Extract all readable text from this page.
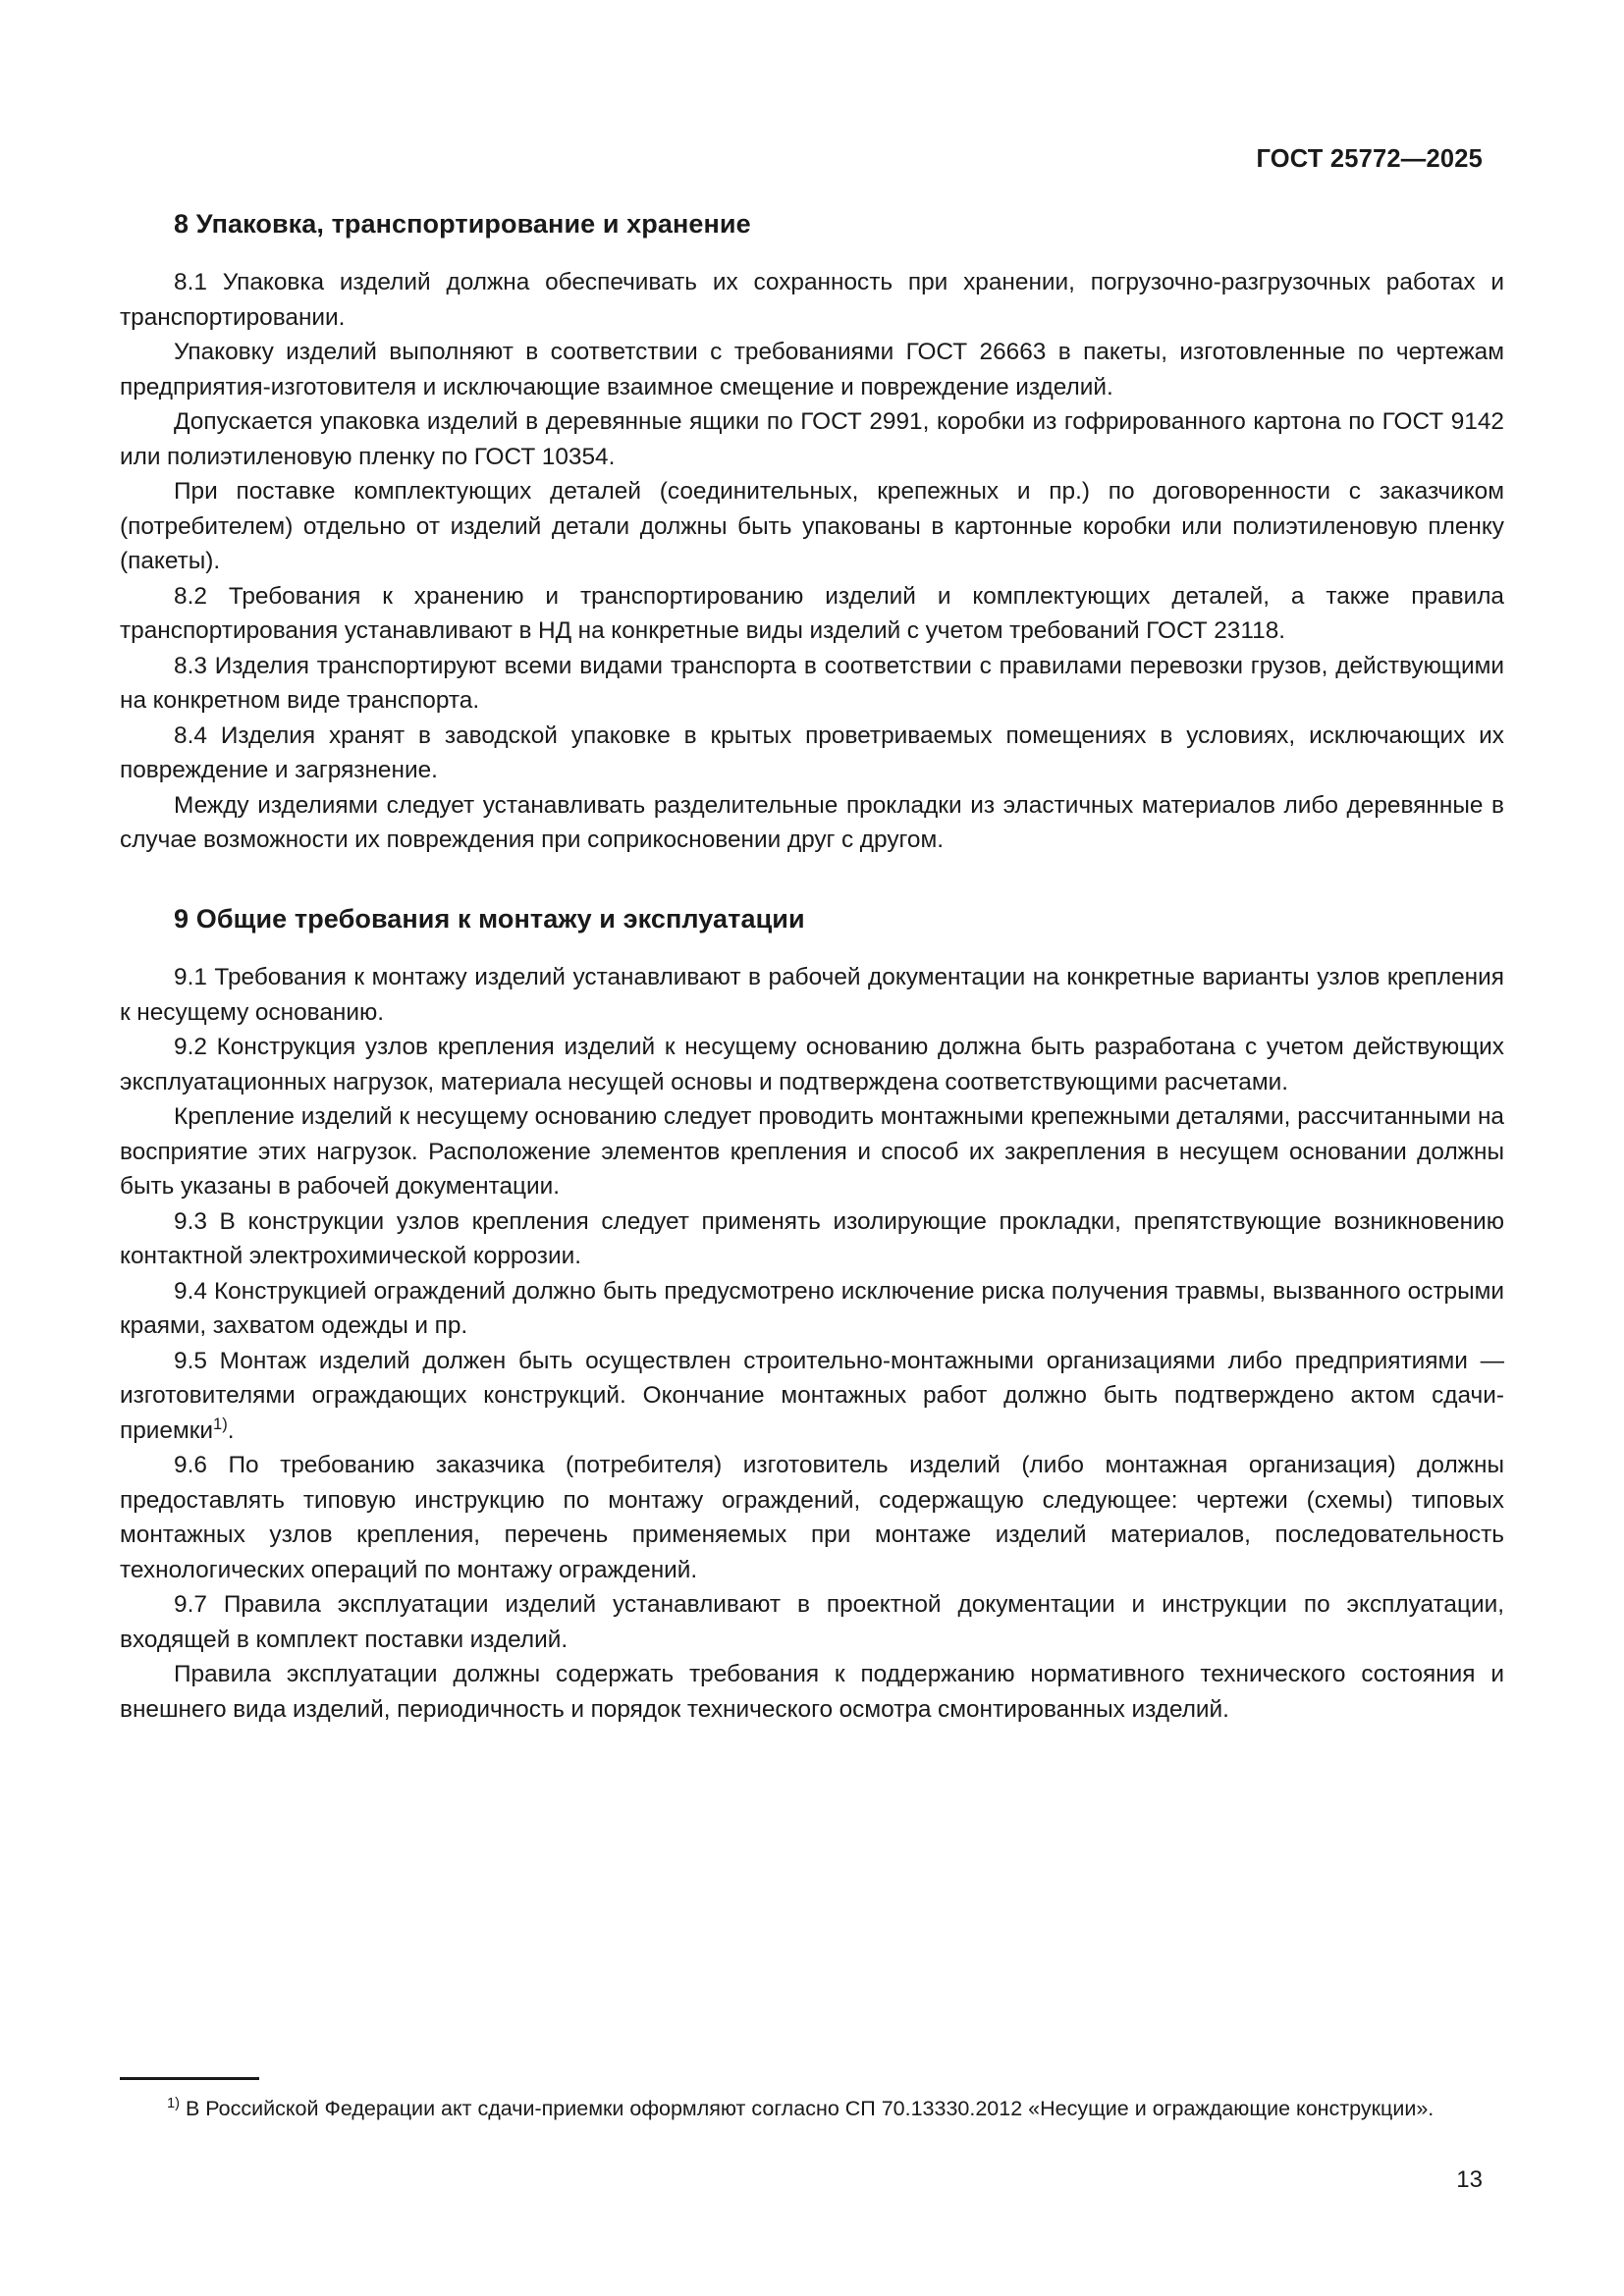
ГОСТ 25772—2025
8 Упаковка, транспортирование и хранение

8.1 Упаковка изделий должна обеспечивать их сохранность при хранении, погрузочно-разгрузочных работах и транспортировании.

Упаковку изделий выполняют в соответствии с требованиями ГОСТ 26663 в пакеты, изготовленные по чертежам предприятия-изготовителя и исключающие взаимное смещение и повреждение изделий.

Допускается упаковка изделий в деревянные ящики по ГОСТ 2991, коробки из гофрированного картона по ГОСТ 9142 или полиэтиленовую пленку по ГОСТ 10354.

При поставке комплектующих деталей (соединительных, крепежных и пр.) по договоренности с заказчиком (потребителем) отдельно от изделий детали должны быть упакованы в картонные коробки или полиэтиленовую пленку (пакеты).

8.2 Требования к хранению и транспортированию изделий и комплектующих деталей, а также правила транспортирования устанавливают в НД на конкретные виды изделий с учетом требований ГОСТ 23118.

8.3 Изделия транспортируют всеми видами транспорта в соответствии с правилами перевозки грузов, действующими на конкретном виде транспорта.

8.4 Изделия хранят в заводской упаковке в крытых проветриваемых помещениях в условиях, исключающих их повреждение и загрязнение.

Между изделиями следует устанавливать разделительные прокладки из эластичных материалов либо деревянные в случае возможности их повреждения при соприкосновении друг с другом.

9 Общие требования к монтажу и эксплуатации

9.1 Требования к монтажу изделий устанавливают в рабочей документации на конкретные варианты узлов крепления к несущему основанию.

9.2 Конструкция узлов крепления изделий к несущему основанию должна быть разработана с учетом действующих эксплуатационных нагрузок, материала несущей основы и подтверждена соответствующими расчетами.

Крепление изделий к несущему основанию следует проводить монтажными крепежными деталями, рассчитанными на восприятие этих нагрузок. Расположение элементов крепления и способ их закрепления в несущем основании должны быть указаны в рабочей документации.

9.3 В конструкции узлов крепления следует применять изолирующие прокладки, препятствующие возникновению контактной электрохимической коррозии.

9.4 Конструкцией ограждений должно быть предусмотрено исключение риска получения травмы, вызванного острыми краями, захватом одежды и пр.

9.5 Монтаж изделий должен быть осуществлен строительно-монтажными организациями либо предприятиями — изготовителями ограждающих конструкций. Окончание монтажных работ должно быть подтверждено актом сдачи-приемки$^{1)}$.

9.6 По требованию заказчика (потребителя) изготовитель изделий (либо монтажная организация) должны предоставлять типовую инструкцию по монтажу ограждений, содержащую следующее: чертежи (схемы) типовых монтажных узлов крепления, перечень применяемых при монтаже изделий материалов, последовательность технологических операций по монтажу ограждений.

9.7 Правила эксплуатации изделий устанавливают в проектной документации и инструкции по эксплуатации, входящей в комплект поставки изделий.

Правила эксплуатации должны содержать требования к поддержанию нормативного технического состояния и внешнего вида изделий, периодичность и порядок технического осмотра смонтированных изделий.

$^{1)}$ В Российской Федерации акт сдачи-приемки оформляют согласно СП 70.13330.2012 «Несущие и ограждающие конструкции».

13
